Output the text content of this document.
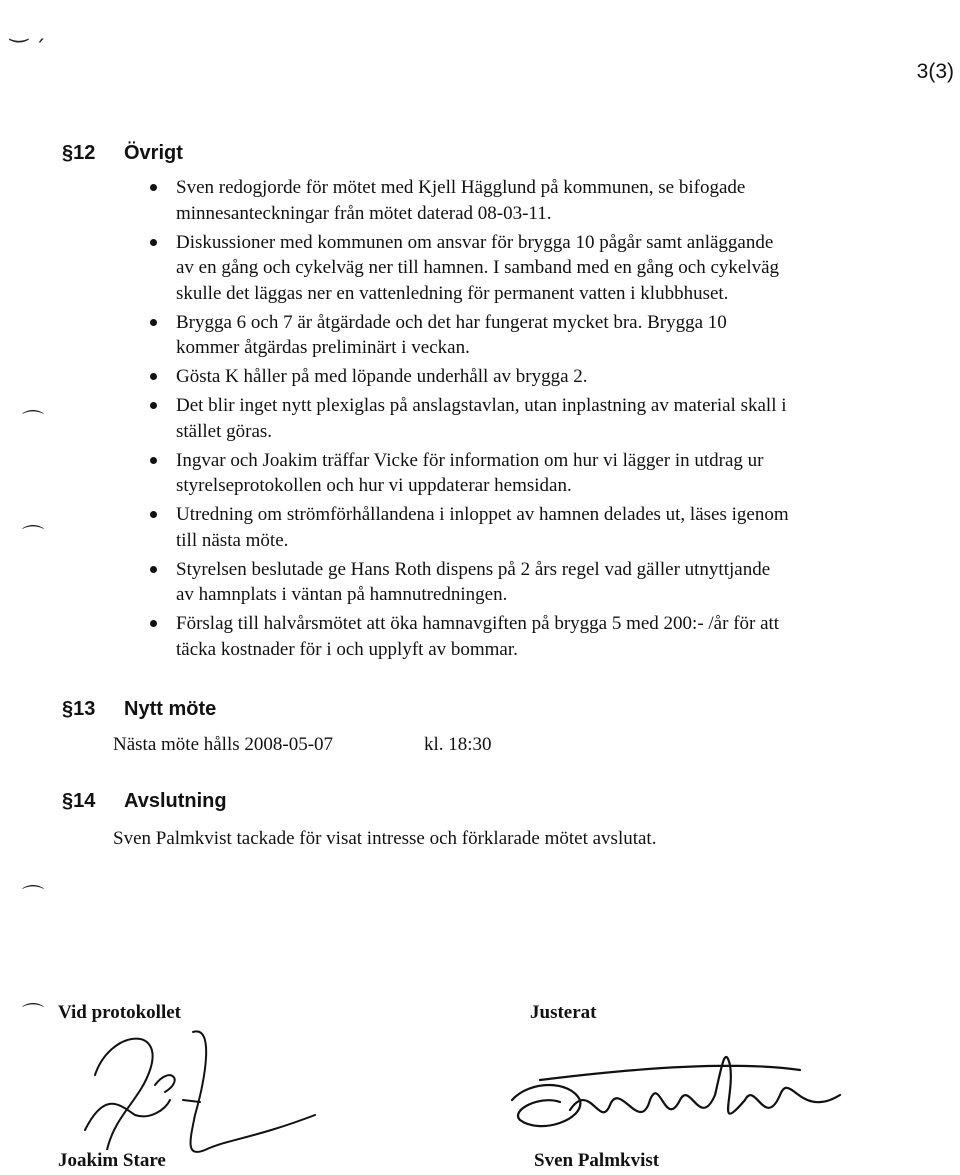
‿ ˏ
⌒
⌒
⌒
⌒
3(3)
§12 Övrigt
Sven redogjorde för mötet med Kjell Hägglund på kommunen, se bifogade minnesanteckningar från mötet daterad 08-03-11.
Diskussioner med kommunen om ansvar för brygga 10 pågår samt anläggande av en gång och cykelväg ner till hamnen. I samband med en gång och cykelväg skulle det läggas ner en vattenledning för permanent vatten i klubbhuset.
Brygga 6 och 7 är åtgärdade och det har fungerat mycket bra. Brygga 10 kommer åtgärdas preliminärt i veckan.
Gösta K håller på med löpande underhåll av brygga 2.
Det blir inget nytt plexiglas på anslagstavlan, utan inplastning av material skall i stället göras.
Ingvar och Joakim träffar Vicke för information om hur vi lägger in utdrag ur styrelseprotokollen och hur vi uppdaterar hemsidan.
Utredning om strömförhållandena i inloppet av hamnen delades ut, läses igenom till nästa möte.
Styrelsen beslutade ge Hans Roth dispens på 2 års regel vad gäller utnyttjande av hamnplats i väntan på hamnutredningen.
Förslag till halvårsmötet att öka hamnavgiften på brygga 5 med 200:- /år för att täcka kostnader för i och upplyft av bommar.
§13 Nytt möte
Nästa möte hålls 2008-05-07	kl. 18:30
§14 Avslutning
Sven Palmkvist tackade för visat intresse och förklarade mötet avslutat.
Vid protokollet	Justerat
Joakim Stare	Sven Palmkvist
